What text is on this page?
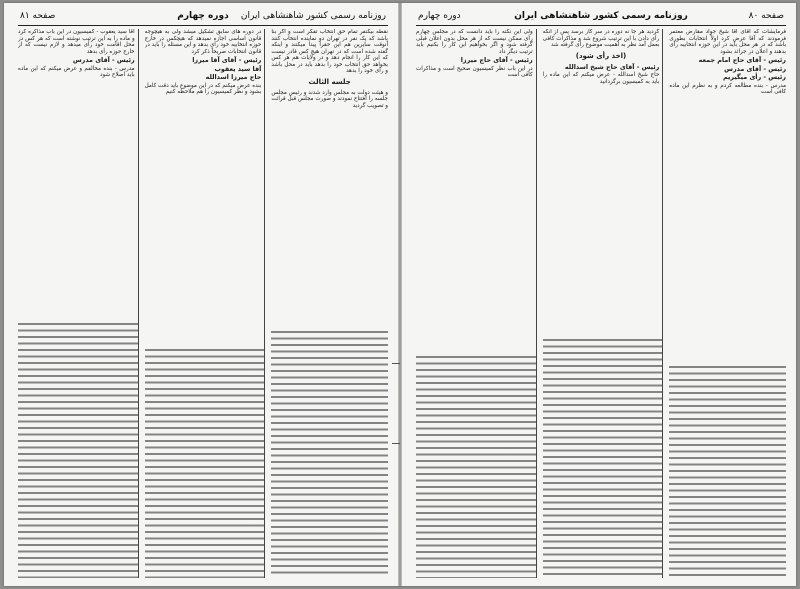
روزنامه رسمی کشور شاهنشاهی ایران
دوره چهارم
صفحه ۸۱

نقطه بیکنفر تمام حق انتخاب تفکر است و اگر بنا باشد که یک نفر در تهران دو نماینده انتخاب کنند آنوقت سایرین هم این حقرا پیدا میکنند و اینکه گفته شده است که در تهران هیچ کس قادر نیست که این کار را انجام دهد و در ولایات هم هر کس بخواهد حق انتخاب خود را بدهد باید در محل باشد و رأی خود را بدهد

جلسه الثالث

و هیئت دولت به مجلس وارد شدند و رئیس مجلس جلسه را افتتاح نمودند و صورت مجلس قبل قرائت و تصویب گردید

در دوره های سابق تشکیل میشد ولی به هیچوجه قانون اساسی اجازه نمیدهد که هیچکس در خارج حوزه انتخابیه خود رأی بدهد و این مسئله را باید در قانون انتخابات صریحاً ذکر کرد

رئیس - آقای آقا میرزا

آقا سید یعقوب

حاج میرزا اسدالله

بنده عرض میکنم که در این موضوع باید دقت کامل بشود و نظر کمیسیون را هم ملاحظه کنیم

آقا سید یعقوب - کمیسیون در این باب مذاکره کرد و ماده را به این ترتیب نوشته است که هر کس در محل اقامت خود رأی میدهد و لازم نیست که از خارج حوزه رأی بدهد

رئیس - آقای مدرس

مدرس - بنده مخالفم و عرض میکنم که این ماده باید اصلاح شود

صفحه ۸۰
روزنامه رسمی کشور شاهنشاهی ایران
دوره چهارم

فرمایشات که آقای آقا شیخ جواد مقارض معتمر فرمودند که آقا عرض کرد اولاً انتخابات بطوری باشد که در هر محل باید در این حوزه انتخابیه رأی بدهند و اعلان در جرائد بشود

رئیس - آقای حاج امام جمعه

رئیس - آقای مدرس

رئیس - رأی میگیریم

مدرس - بنده مطالعه کردم و به نظرم این ماده کافی است

گردید هر جا نه دوره در سر کار برسد پس از آنکه رأی دادن با این ترتیب شروع شد و مذاکرات کافی بعمل آمد نظر به اهمیت موضوع رأی گرفته شد

(اخذ رأی شود)

رئیس - آقای حاج شیخ اسدالله

حاج شیخ اسدالله - عرض میکنم که این ماده را باید به کمیسیون برگردانید

ولی این نکته را باید دانست که در مجلس چهارم رأی ممکن نیست که از هر محل بدون اعلان قبلی گرفته شود و اگر بخواهیم این کار را بکنیم باید ترتیب دیگر داد

رئیس - آقای حاج میرزا

در این باب نظر کمیسیون صحیح است و مذاکرات کافی است
